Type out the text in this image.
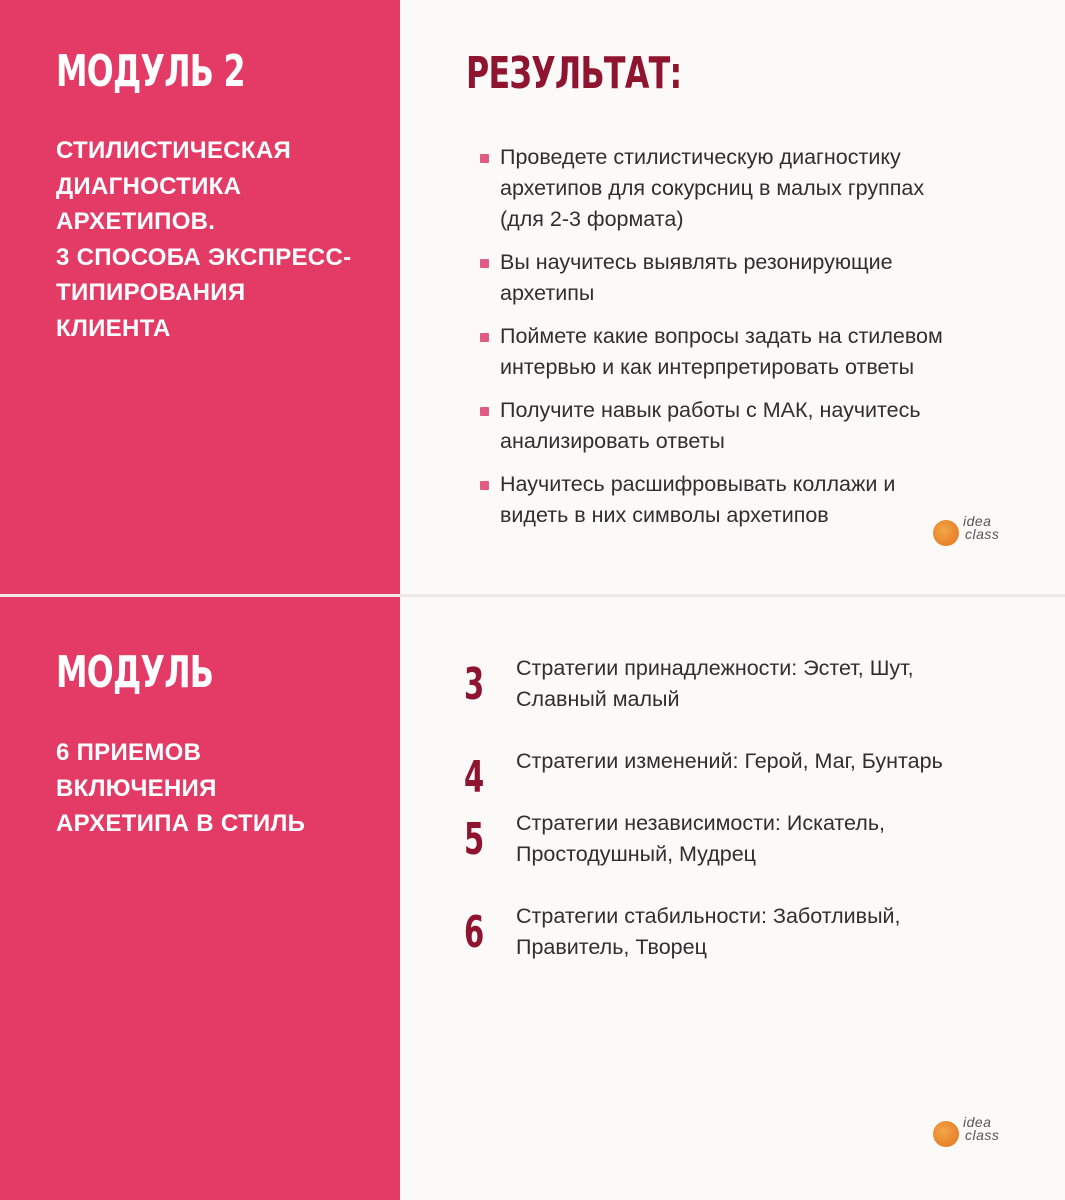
МОДУЛЬ 2
СТИЛИСТИЧЕСКАЯ
ДИАГНОСТИКА
АРХЕТИПОВ.
3 СПОСОБА ЭКСПРЕСС-
ТИПИРОВАНИЯ
КЛИЕНТА
РЕЗУЛЬТАТ:
Проведете стилистическую диагностику
архетипов для сокурсниц в малых группах
(для 2-3 формата)
Вы научитесь выявлять резонирующие
архетипы
Поймете какие вопросы задать на стилевом
интервью и как интерпретировать ответы
Получите навык работы с МАК, научитесь
анализировать ответы
Научитесь расшифровывать коллажи и
видеть в них символы архетипов	idea
class
МОДУЛЬ
6 ПРИЕМОВ
ВКЛЮЧЕНИЯ
АРХЕТИПА В СТИЛЬ
3 Стратегии принадлежности: Эстет, Шут,
Славный малый
4 Стратегии изменений: Герой, Маг, Бунтарь
5 Стратегии независимости: Искатель,
Простодушный, Мудрец
6 Стратегии стабильности: Заботливый,
Правитель, Творец
idea
class
